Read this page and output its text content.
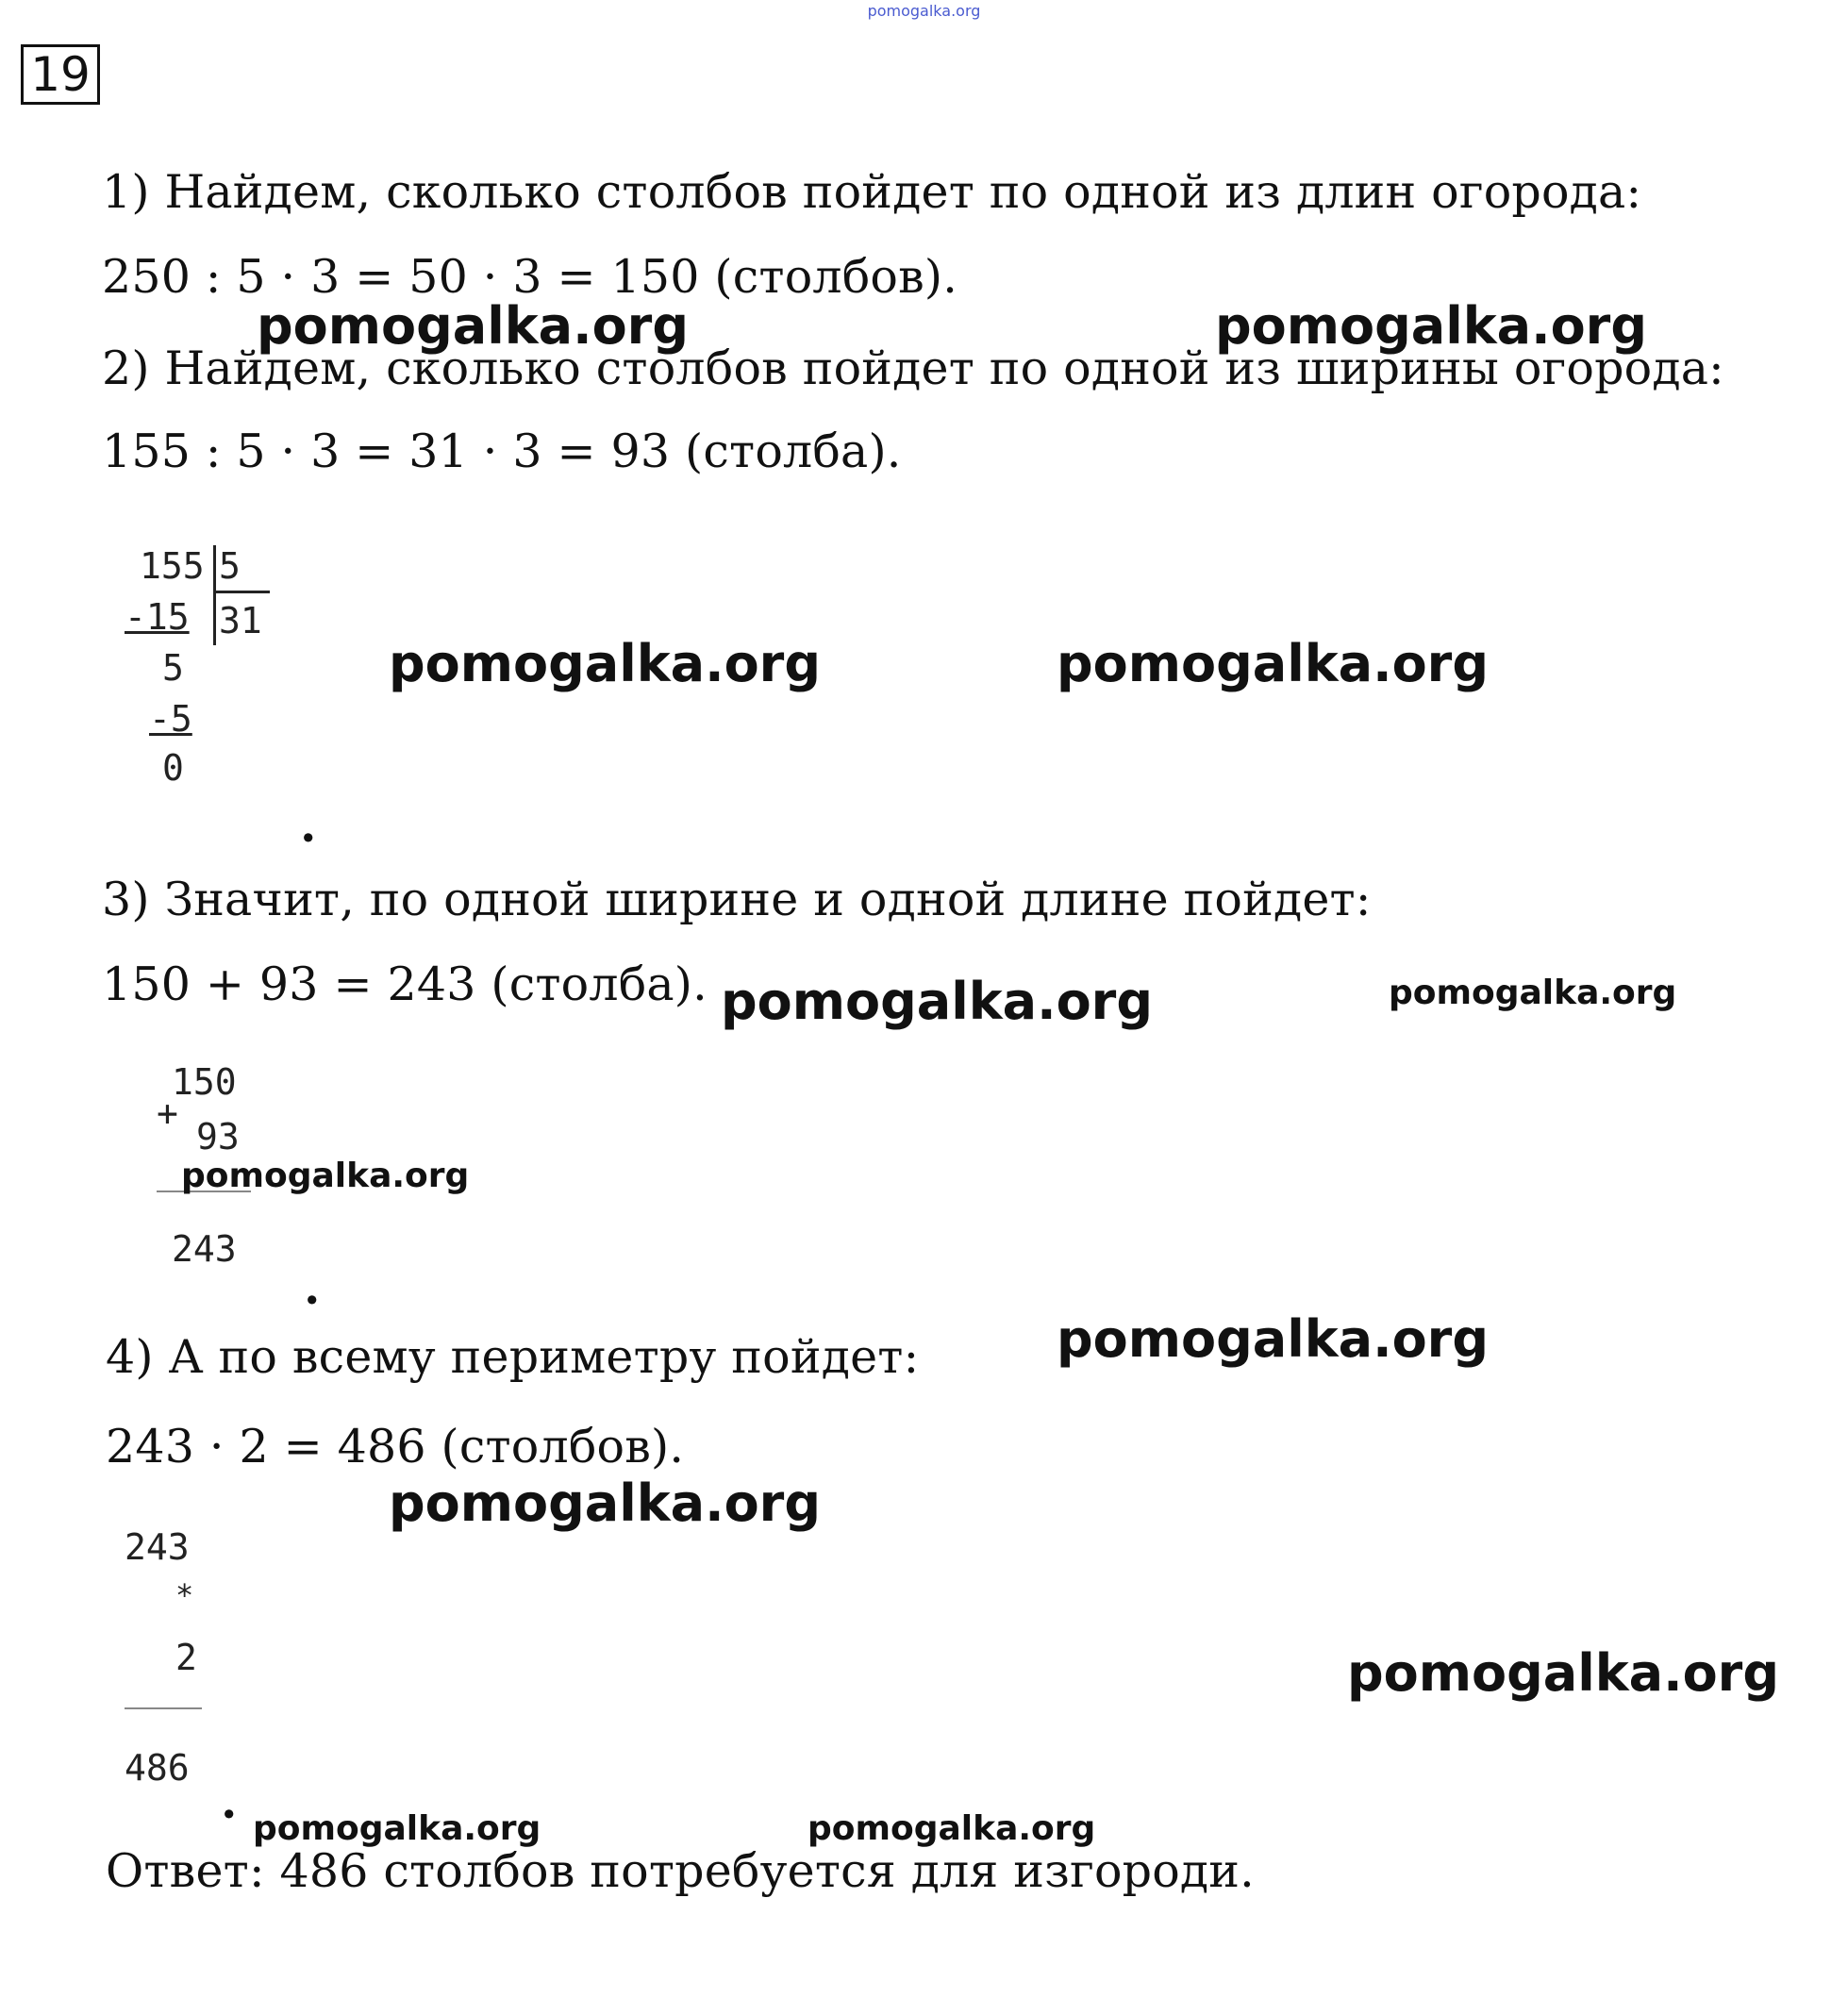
pomogalka.org
19
1) Найдем, сколько столбов пойдет по одной из длин огорода:
250 : 5 · 3 = 50 · 3 = 150 (столбов).
2) Найдем, сколько столбов пойдет по одной из ширины огорода:
155 : 5 · 3 = 31 · 3 = 93 (столба).
3) Значит, по одной ширине и одной длине пойдет:
150 + 93 = 243 (столба).
4) А по всему периметру пойдет:
243 · 2 = 486 (столбов).
Ответ: 486 столбов потребуется для изгороди.
155 5
-15 31
5
-5
0
150
+
93
243
243
*
2
486
.
.
.
pomogalka.org	pomogalka.org
pomogalka.org	pomogalka.org
pomogalka.org	pomogalka.org
pomogalka.org
pomogalka.org
pomogalka.org
pomogalka.org
pomogalka.org	pomogalka.org
